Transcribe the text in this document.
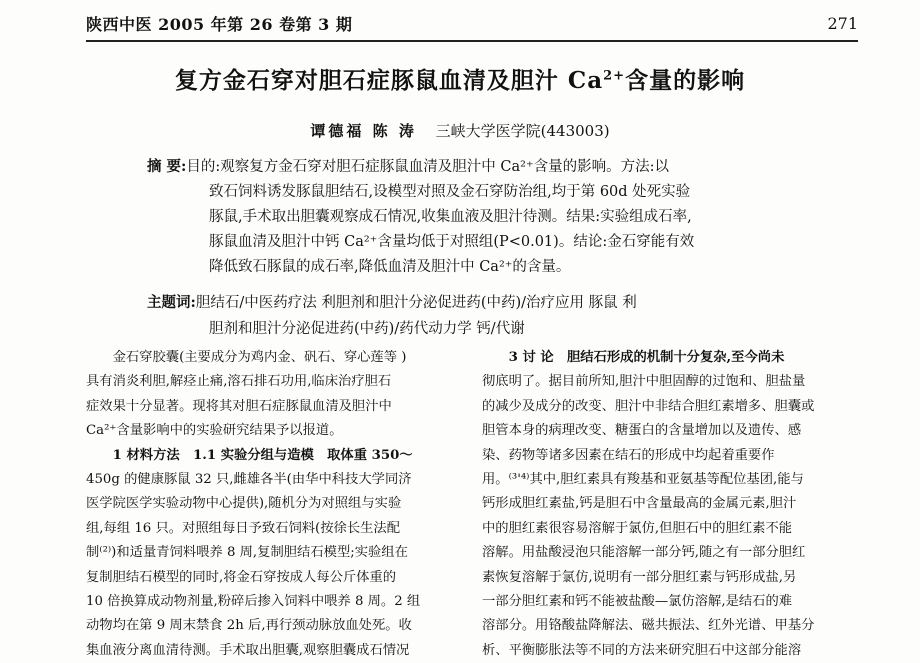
陕西中医 2005 年第 26 卷第 3 期	271
复方金石穿对胆石症豚鼠血清及胆汁 $Ca^{2+}$含量的影响
谭德福 陈 涛 三峡大学医学院(443003)
摘 要:目的:观察复方金石穿对胆石症豚鼠血清及胆汁中 Ca²⁺含量的影响。方法:以
致石饲料诱发豚鼠胆结石,设模型对照及金石穿防治组,均于第 60d 处死实验
豚鼠,手术取出胆囊观察成石情况,收集血液及胆汁待测。结果:实验组成石率,
豚鼠血清及胆汁中钙 Ca²⁺含量均低于对照组(P<0.01)。结论:金石穿能有效
降低致石豚鼠的成石率,降低血清及胆汁中 Ca²⁺的含量。
主题词:胆结石/中医药疗法 利胆剂和胆汁分泌促进药(中药)/治疗应用 豚鼠 利
胆剂和胆汁分泌促进药(中药)/药代动力学 钙/代谢
　　金石穿胶囊(主要成分为鸡内金、矾石、穿心莲等 )
具有消炎利胆,解痉止痛,溶石排石功用,临床治疗胆石
症效果十分显著。现将其对胆石症豚鼠血清及胆汁中
Ca²⁺含量影响中的实验研究结果予以报道。
　　1 材料方法　1.1 实验分组与造模　取体重 350～
450g 的健康豚鼠 32 只,雌雄各半(由华中科技大学同济
医学院医学实验动物中心提供),随机分为对照组与实验
组,每组 16 只。对照组每日予致石饲料(按徐长生法配
制⁽²⁾)和适量青饲料喂养 8 周,复制胆结石模型;实验组在
复制胆结石模型的同时,将金石穿按成人每公斤体重的
10 倍换算成动物剂量,粉碎后掺入饲料中喂养 8 周。2 组
动物均在第 9 周末禁食 2h 后,再行颈动脉放血处死。收
集血液分离血清待测。手术取出胆囊,观察胆囊成石情况
　　3 讨 论　胆结石形成的机制十分复杂,至今尚未
彻底明了。据目前所知,胆汁中胆固醇的过饱和、胆盐量
的减少及成分的改变、胆汁中非结合胆红素增多、胆囊或
胆管本身的病理改变、糖蛋白的含量增加以及遗传、感
染、药物等诸多因素在结石的形成中均起着重要作
用。⁽³'⁴⁾其中,胆红素具有羧基和亚氨基等配位基团,能与
钙形成胆红素盐,钙是胆石中含量最高的金属元素,胆汁
中的胆红素很容易溶解于氯仿,但胆石中的胆红素不能
溶解。用盐酸浸泡只能溶解一部分钙,随之有一部分胆红
素恢复溶解于氯仿,说明有一部分胆红素与钙形成盐,另
一部分胆红素和钙不能被盐酸—氯仿溶解,是结石的难
溶部分。用铬酸盐降解法、磁共振法、红外光谱、甲基分
析、平衡膨胀法等不同的方法来研究胆石中这部分能溶
